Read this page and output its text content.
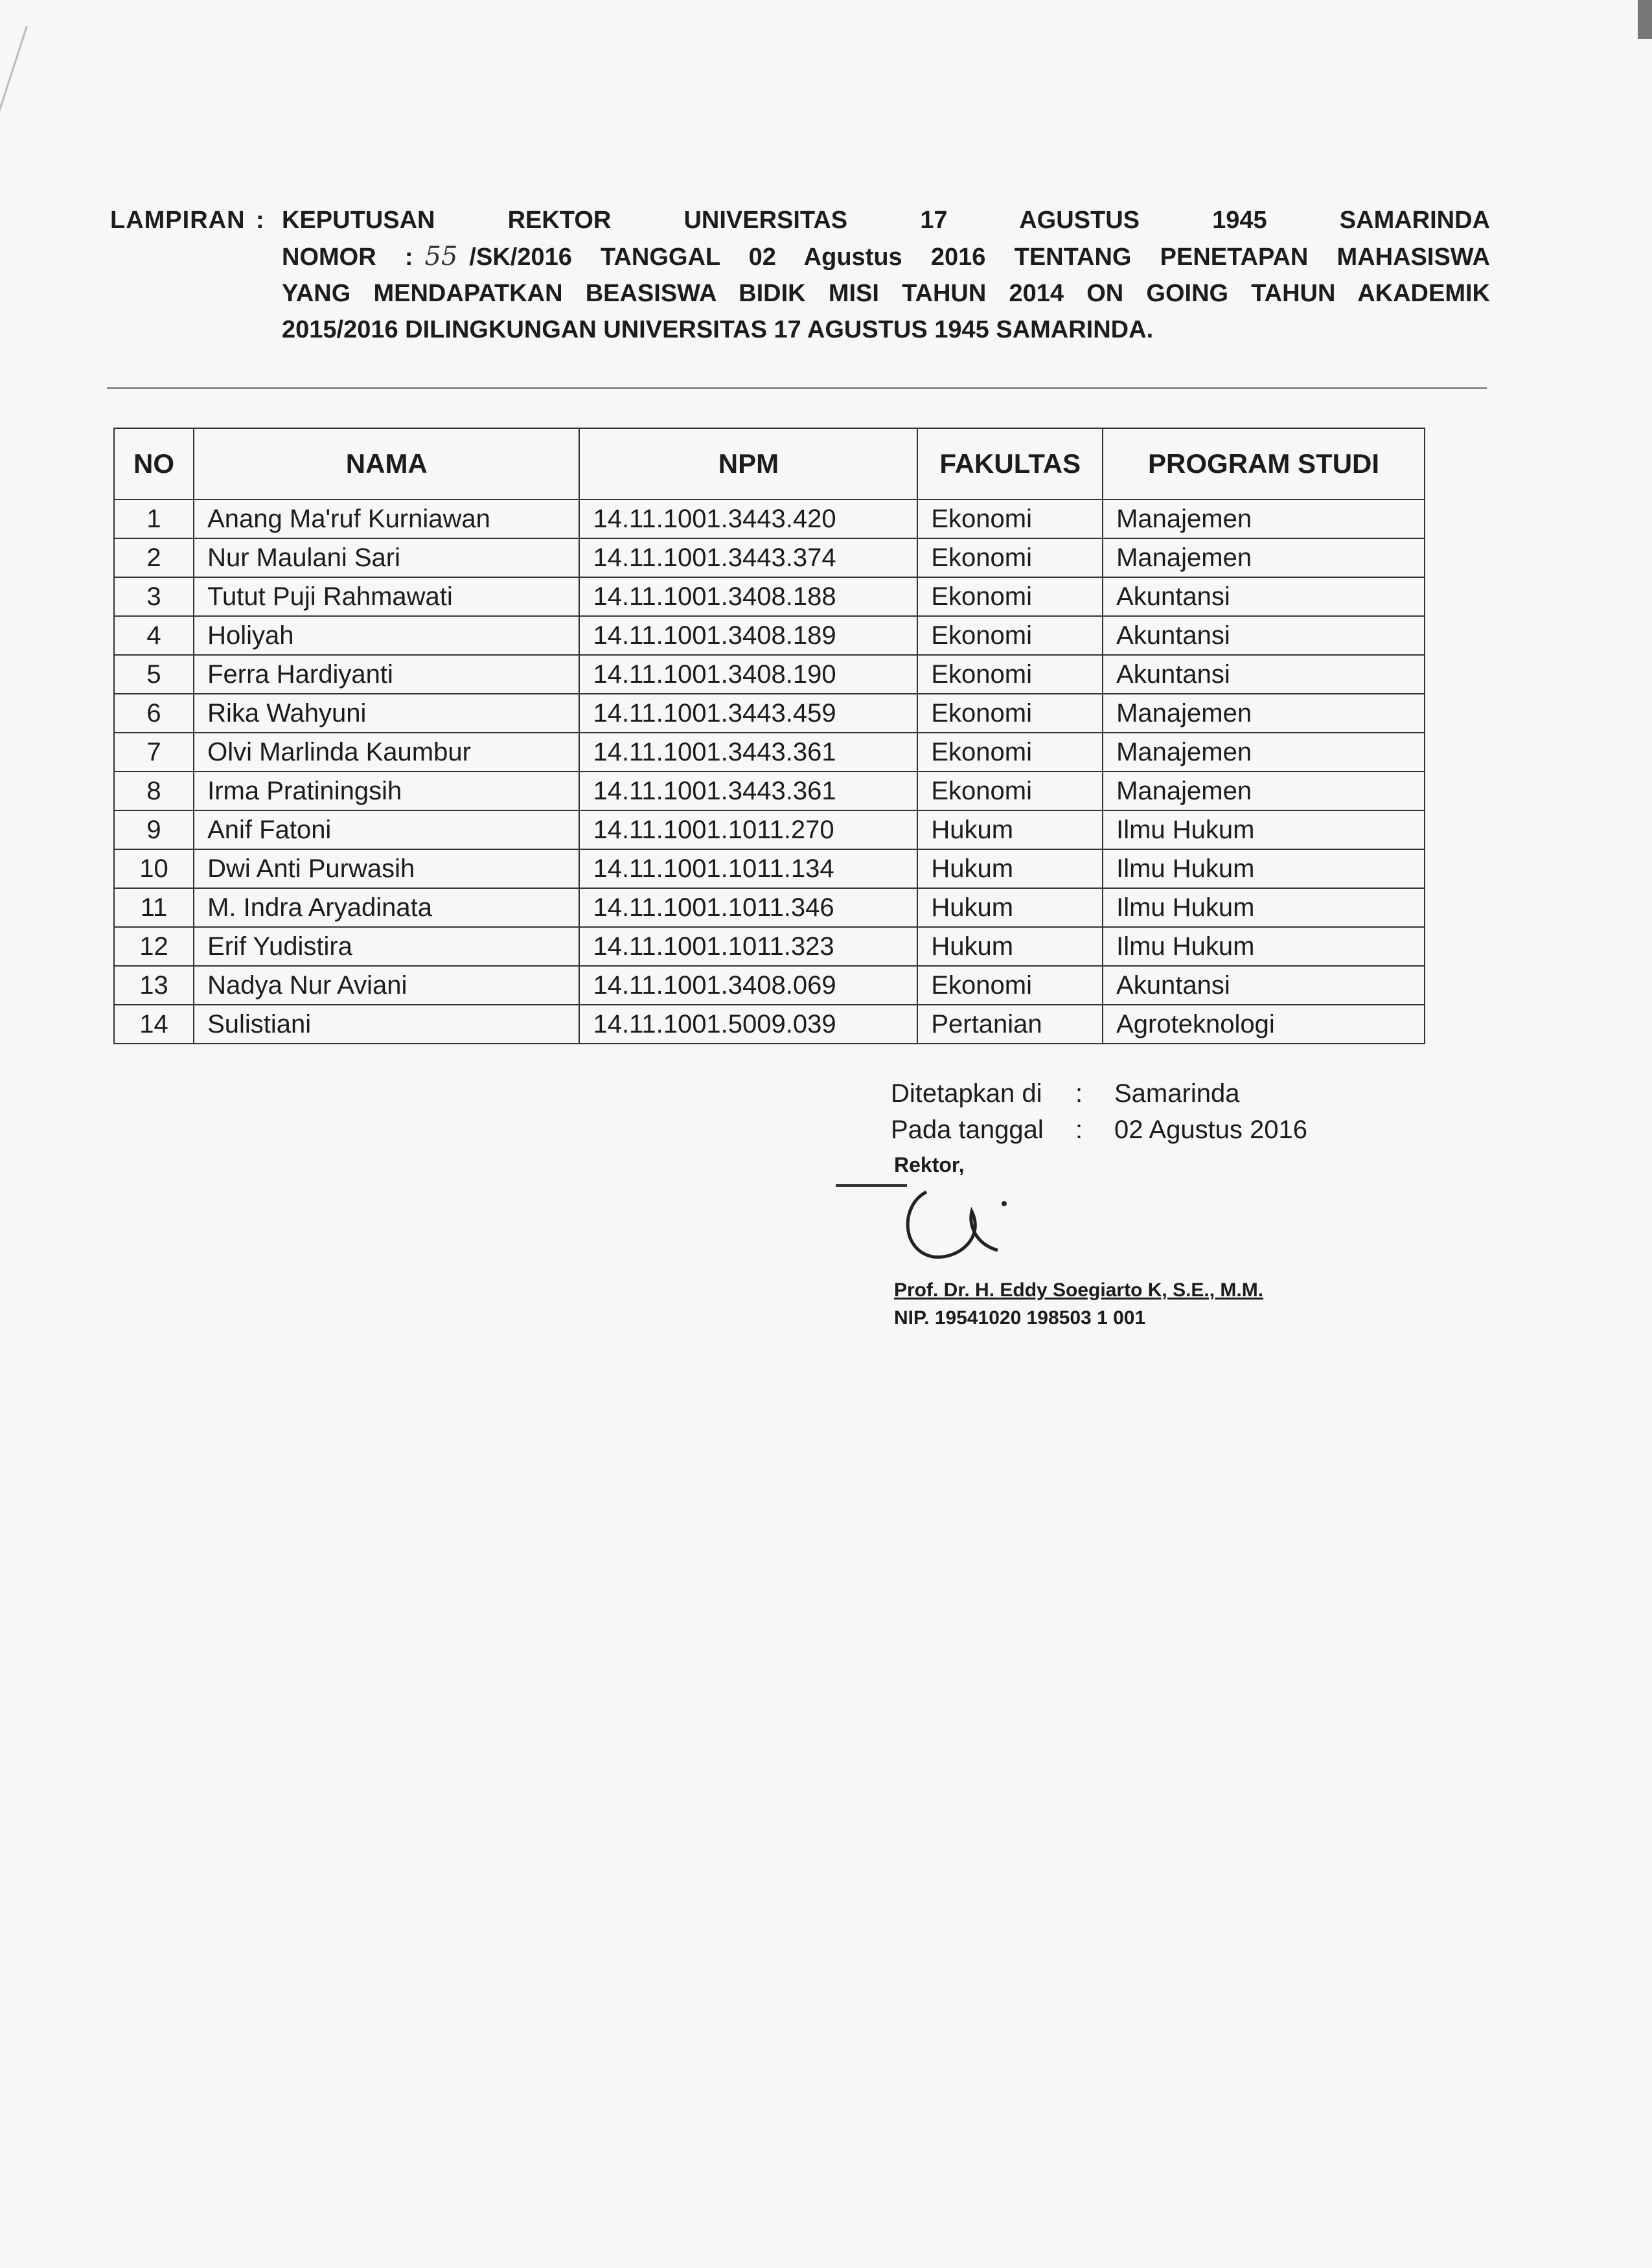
LAMPIRAN : KEPUTUSAN REKTOR UNIVERSITAS 17 AGUSTUS 1945 SAMARINDA
NOMOR : 55 /SK/2016 TANGGAL 02 Agustus 2016 TENTANG PENETAPAN MAHASISWA
YANG MENDAPATKAN BEASISWA BIDIK MISI TAHUN 2014 ON GOING TAHUN AKADEMIK
2015/2016 DILINGKUNGAN UNIVERSITAS 17 AGUSTUS 1945 SAMARINDA.
NO	NAMA	NPM	FAKULTAS	PROGRAM STUDI
1	Anang Ma'ruf Kurniawan	14.11.1001.3443.420	Ekonomi	Manajemen
2	Nur Maulani Sari	14.11.1001.3443.374	Ekonomi	Manajemen
3	Tutut Puji Rahmawati	14.11.1001.3408.188	Ekonomi	Akuntansi
4	Holiyah	14.11.1001.3408.189	Ekonomi	Akuntansi
5	Ferra Hardiyanti	14.11.1001.3408.190	Ekonomi	Akuntansi
6	Rika Wahyuni	14.11.1001.3443.459	Ekonomi	Manajemen
7	Olvi Marlinda Kaumbur	14.11.1001.3443.361	Ekonomi	Manajemen
8	Irma Pratiningsih	14.11.1001.3443.361	Ekonomi	Manajemen
9	Anif Fatoni	14.11.1001.1011.270	Hukum	Ilmu Hukum
10	Dwi Anti Purwasih	14.11.1001.1011.134	Hukum	Ilmu Hukum
11	M. Indra Aryadinata	14.11.1001.1011.346	Hukum	Ilmu Hukum
12	Erif Yudistira	14.11.1001.1011.323	Hukum	Ilmu Hukum
13	Nadya Nur Aviani	14.11.1001.3408.069	Ekonomi	Akuntansi
14	Sulistiani	14.11.1001.5009.039	Pertanian	Agroteknologi
Ditetapkan di	:	Samarinda
Pada tanggal	:	02 Agustus 2016
Rektor,
Prof. Dr. H. Eddy Soegiarto K, S.E., M.M.
NIP. 19541020 198503 1 001
